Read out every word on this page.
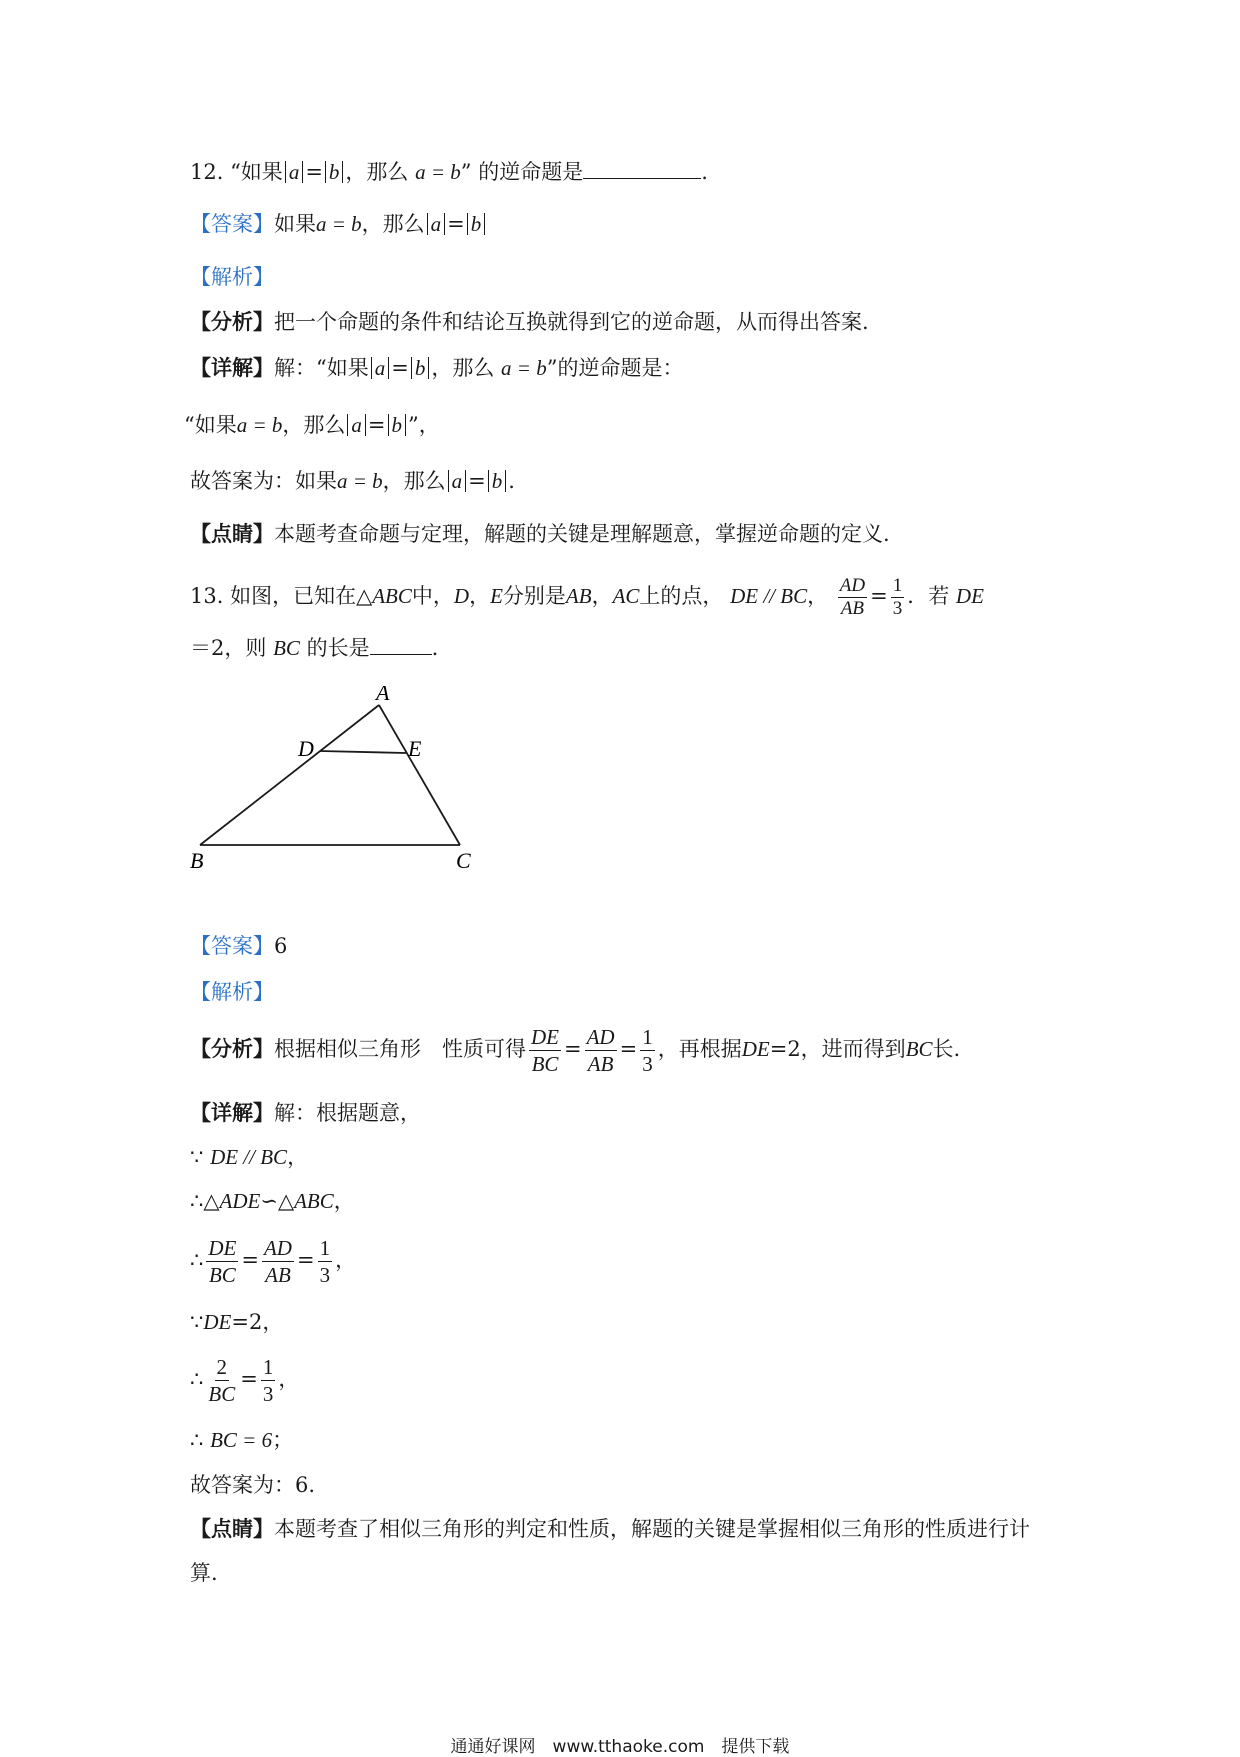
12. “如果 a = b ，那么 a = b” 的逆命题是	.
【答案】如果a = b，那么 a = b
【解析】
【分析】把一个命题的条件和结论互换就得到它的逆命题，从而得出答案.
【详解】解：“如果 a = b ，那么 a = b”的逆命题是：
“如果a = b，那么 a = b ”，
故答案为：如果a = b，那么 a = b .
【点睛】本题考查命题与定理，解题的关键是理解题意，掌握逆命题的定义.
13. 如图，已知在△ABC中，D，E分别是AB，AC上的点， DE // BC， $\frac{AD}{AB} = \frac{1}{3}$ ．若 DE
＝2，则 BC 的长是	.
A
B	C
D	E
【答案】6
【解析】
【分析】根据相似三角形　性质可得 $\frac{DE}{BC} = \frac{AD}{AB} = \frac{1}{3}$ ，再根据DE=2，进而得到BC长.
【详解】解：根据题意，
∵ DE // BC，
∴△ADE∽△ABC，
∴ $\frac{DE}{BC} = \frac{AD}{AB} = \frac{1}{3}$ ，
∵DE=2，
∴ $\frac{2}{BC} = \frac{1}{3}$ ，
∴ BC = 6；
故答案为：6.
【点睛】本题考查了相似三角形的判定和性质，解题的关键是掌握相似三角形的性质进行计
算.
通通好课网　www.tthaoke.com　提供下载
